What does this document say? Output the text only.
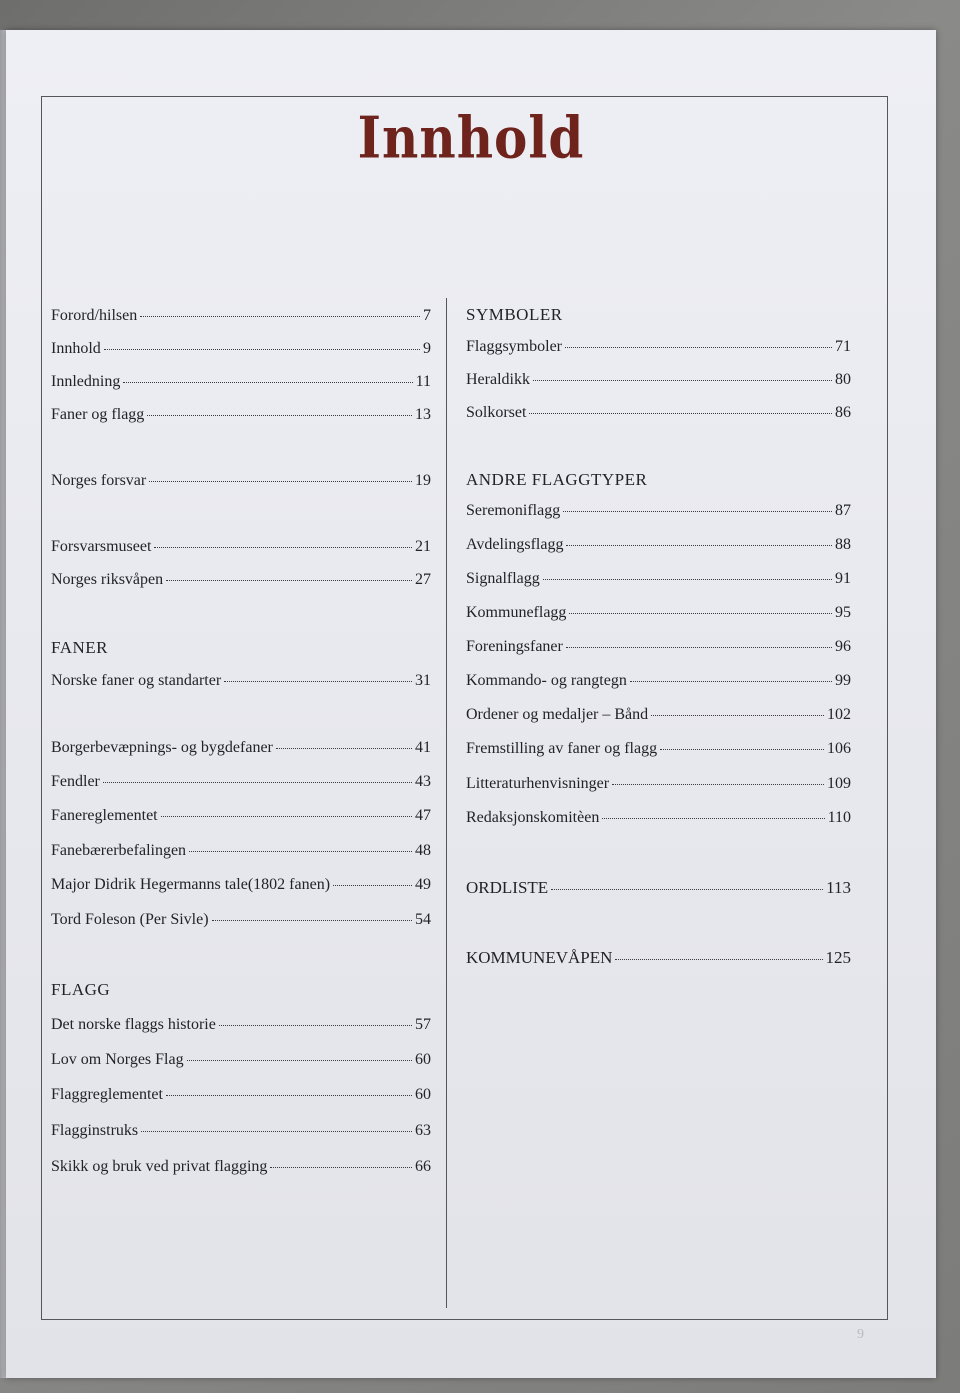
Innhold
Forord/hilsen	7
Innhold	9
Innledning	11
Faner og flagg	13
Norges forsvar	19
Forsvarsmuseet	21
Norges riksvåpen	27
FANER
Norske faner og standarter	31
Borgerbevæpnings- og bygdefaner	41
Fendler	43
Fanereglementet	47
Fanebærerbefalingen	48
Major Didrik Hegermanns tale(1802 fanen)	49
Tord Foleson (Per Sivle)	54
FLAGG
Det norske flaggs historie	57
Lov om Norges Flag	60
Flaggreglementet	60
Flagginstruks	63
Skikk og bruk ved privat flagging	66
SYMBOLER
Flaggsymboler	71
Heraldikk	80
Solkorset	86
ANDRE FLAGGTYPER
Seremoniflagg	87
Avdelingsflagg	88
Signalflagg	91
Kommuneflagg	95
Foreningsfaner	96
Kommando- og rangtegn	99
Ordener og medaljer – Bånd	102
Fremstilling av faner og flagg	106
Litteraturhenvisninger	109
Redaksjonskomitèen	110
ORDLISTE	113
KOMMUNEVÅPEN	125
9
